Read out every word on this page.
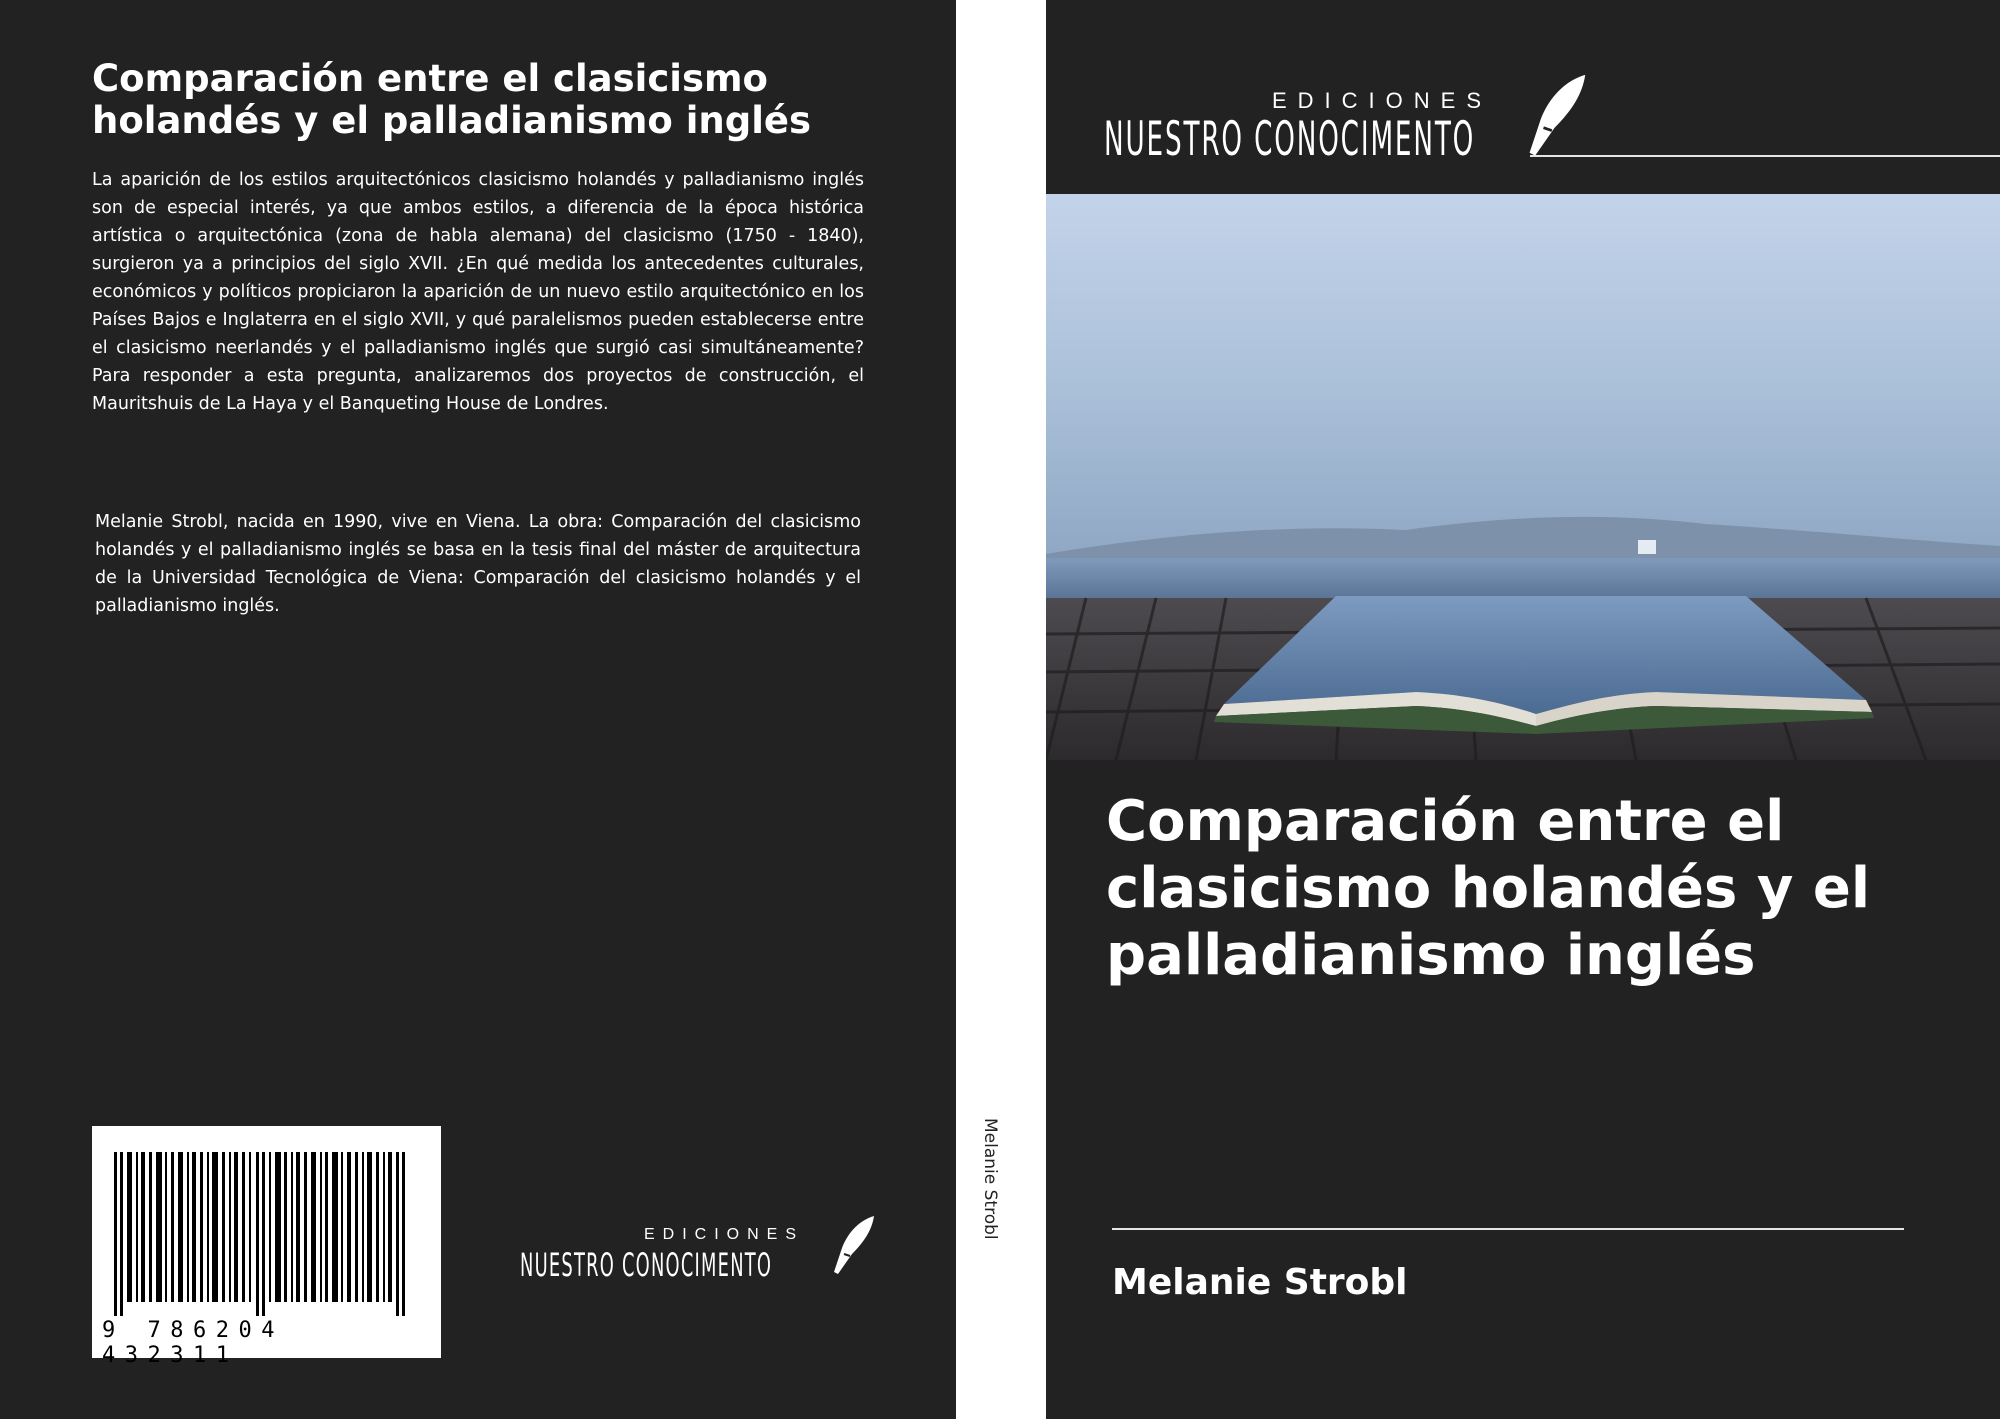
Comparación entre el clasicismo holandés y el palladianismo inglés

La aparición de los estilos arquitectónicos clasicismo holandés y palladianismo inglés son de especial interés, ya que ambos estilos, a diferencia de la época histórica artística o arquitectónica (zona de habla alemana) del clasicismo (1750 - 1840), surgieron ya a principios del siglo XVII. ¿En qué medida los antecedentes culturales, económicos y políticos propiciaron la aparición de un nuevo estilo arquitectónico en los Países Bajos e Inglaterra en el siglo XVII, y qué paralelismos pueden establecerse entre el clasicismo neerlandés y el palladianismo inglés que surgió casi simultáneamente? Para responder a esta pregunta, analizaremos dos proyectos de construcción, el Mauritshuis de La Haya y el Banqueting House de Londres.

Melanie Strobl, nacida en 1990, vive en Viena. La obra: Comparación del clasicismo holandés y el palladianismo inglés se basa en la tesis final del máster de arquitectura de la Universidad Tecnológica de Viena: Comparación del clasicismo holandés y el palladianismo inglés.

9 786204 432311
EDICIONES
NUESTRO CONOCIMENTO
Melanie Strobl
EDICIONES
NUESTRO CONOCIMENTO
Comparación entre el clasicismo holandés y el palladianismo inglés

Melanie Strobl
